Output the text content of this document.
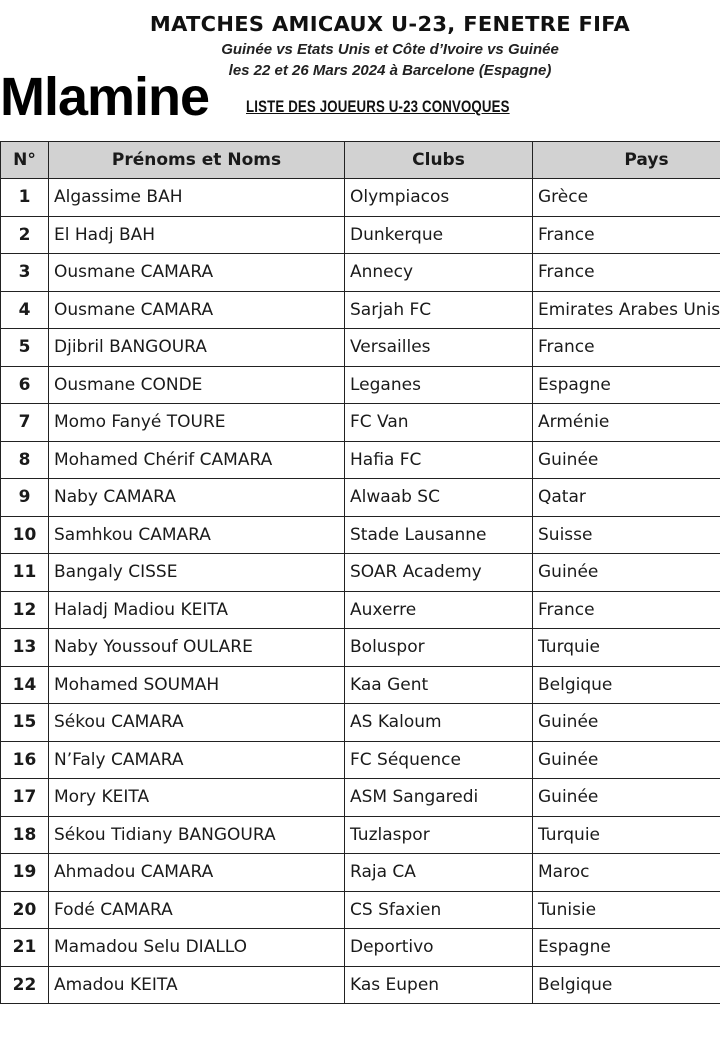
MATCHES AMICAUX U-23, FENETRE FIFA
Guinée vs Etats Unis et Côte d’Ivoire vs Guinée
les 22 et 26 Mars 2024 à Barcelone (Espagne)
LISTE DES JOUEURS U-23 CONVOQUES
Mlamine
N°	Prénoms et Noms	Clubs	Pays
1	Algassime BAH	Olympiacos	Grèce
2	El Hadj BAH	Dunkerque	France
3	Ousmane CAMARA	Annecy	France
4	Ousmane CAMARA	Sarjah FC	Emirates Arabes Unis
5	Djibril BANGOURA	Versailles	France
6	Ousmane CONDE	Leganes	Espagne
7	Momo Fanyé TOURE	FC Van	Arménie
8	Mohamed Chérif CAMARA	Hafia FC	Guinée
9	Naby CAMARA	Alwaab SC	Qatar
10	Samhkou CAMARA	Stade Lausanne	Suisse
11	Bangaly CISSE	SOAR Academy	Guinée
12	Haladj Madiou KEITA	Auxerre	France
13	Naby Youssouf OULARE	Boluspor	Turquie
14	Mohamed SOUMAH	Kaa Gent	Belgique
15	Sékou CAMARA	AS Kaloum	Guinée
16	N’Faly CAMARA	FC Séquence	Guinée
17	Mory KEITA	ASM Sangaredi	Guinée
18	Sékou Tidiany BANGOURA	Tuzlaspor	Turquie
19	Ahmadou CAMARA	Raja CA	Maroc
20	Fodé CAMARA	CS Sfaxien	Tunisie
21	Mamadou Selu DIALLO	Deportivo	Espagne
22	Amadou KEITA	Kas Eupen	Belgique
